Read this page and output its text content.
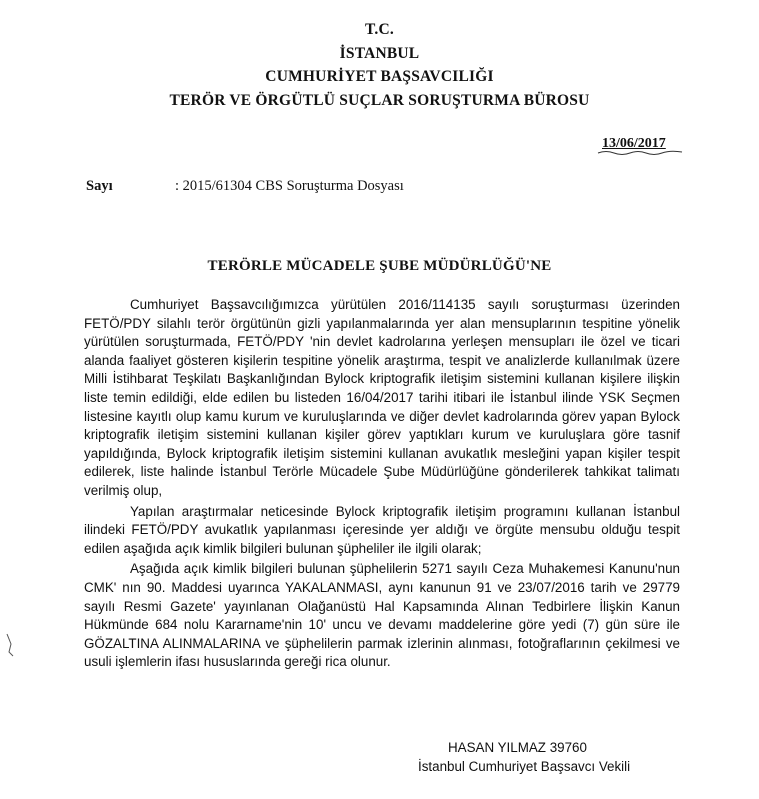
T.C.
İSTANBUL
CUMHURİYET BAŞSAVCILIĞI
TERÖR VE ÖRGÜTLÜ SUÇLAR SORUŞTURMA BÜROSU
13/06/2017
Sayı	: 2015/61304 CBS Soruşturma Dosyası
TERÖRLE MÜCADELE ŞUBE MÜDÜRLÜĞÜ'NE

Cumhuriyet Başsavcılığımızca yürütülen 2016/114135 sayılı soruşturması üzerinden FETÖ/PDY silahlı terör örgütünün gizli yapılanmalarında yer alan mensuplarının tespitine yönelik yürütülen soruşturmada, FETÖ/PDY 'nin devlet kadrolarına yerleşen mensupları ile özel ve ticari alanda faaliyet gösteren kişilerin tespitine yönelik araştırma, tespit ve analizlerde kullanılmak üzere Milli İstihbarat Teşkilatı Başkanlığından Bylock kriptografik iletişim sistemini kullanan kişilere ilişkin liste temin edildiği, elde edilen bu listeden 16/04/2017 tarihi itibari ile İstanbul ilinde YSK Seçmen listesine kayıtlı olup kamu kurum ve kuruluşlarında ve diğer devlet kadrolarında görev yapan Bylock kriptografik iletişim sistemini kullanan kişiler görev yaptıkları kurum ve kuruluşlara göre tasnif yapıldığında, Bylock kriptografik iletişim sistemini kullanan avukatlık mesleğini yapan kişiler tespit edilerek, liste halinde İstanbul Terörle Mücadele Şube Müdürlüğüne gönderilerek tahkikat talimatı verilmiş olup,

Yapılan araştırmalar neticesinde Bylock kriptografik iletişim programını kullanan İstanbul ilindeki FETÖ/PDY avukatlık yapılanması içeresinde yer aldığı ve örgüte mensubu olduğu tespit edilen aşağıda açık kimlik bilgileri bulunan şüpheliler ile ilgili olarak;

Aşağıda açık kimlik bilgileri bulunan şüphelilerin 5271 sayılı Ceza Muhakemesi Kanunu'nun CMK' nın 90. Maddesi uyarınca YAKALANMASI, aynı kanunun 91 ve 23/07/2016 tarih ve 29779 sayılı Resmi Gazete' yayınlanan Olağanüstü Hal Kapsamında Alınan Tedbirlere İlişkin Kanun Hükmünde 684 nolu Kararname'nin 10' uncu ve devamı maddelerine göre yedi (7) gün süre ile GÖZALTINA ALINMALARINA ve şüphelilerin parmak izlerinin alınması, fotoğraflarının çekilmesi ve usuli işlemlerin ifası hususlarında gereği rica olunur.

HASAN YILMAZ 39760
İstanbul Cumhuriyet Başsavcı Vekili
